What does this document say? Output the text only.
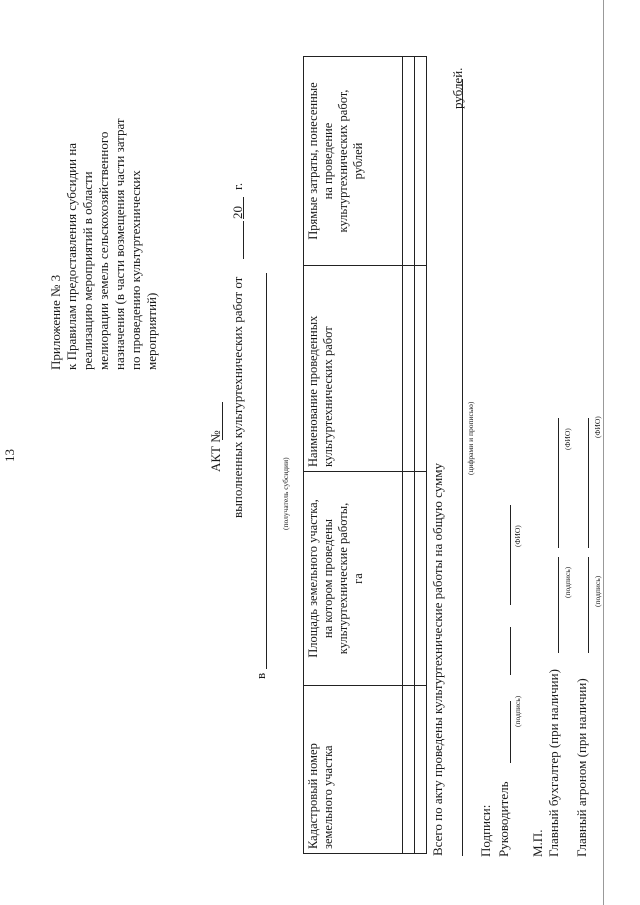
13
Приложение № 3 к Правилам предоставления субсидии на реализацию мероприятий в области мелиорации земель сельскохозяйственного назначения (в части возмещения части затрат по проведению культуртехнических мероприятий)
АКТ № выполненных культуртехнических работ от
20
г.
в
(получатель субсидии)
Кадастровый номер
земельного участка	Площадь земельного участка,
на котором проведены
культуртехнические работы,
га	Наименование проведенных
культуртехнических работ	Прямые затраты, понесенные
на проведение
культуртехнических работ,
рублей

Всего по акту проведены культуртехнические работы на общую сумму
рублей.
(цифрами и прописью)
Подписи: Руководитель
(подпись)
(ФИО)
М.П. Главный бухгалтер (при наличии)
(подпись)
(ФИО)
Главный агроном (при наличии)
(подпись)
(ФИО)
